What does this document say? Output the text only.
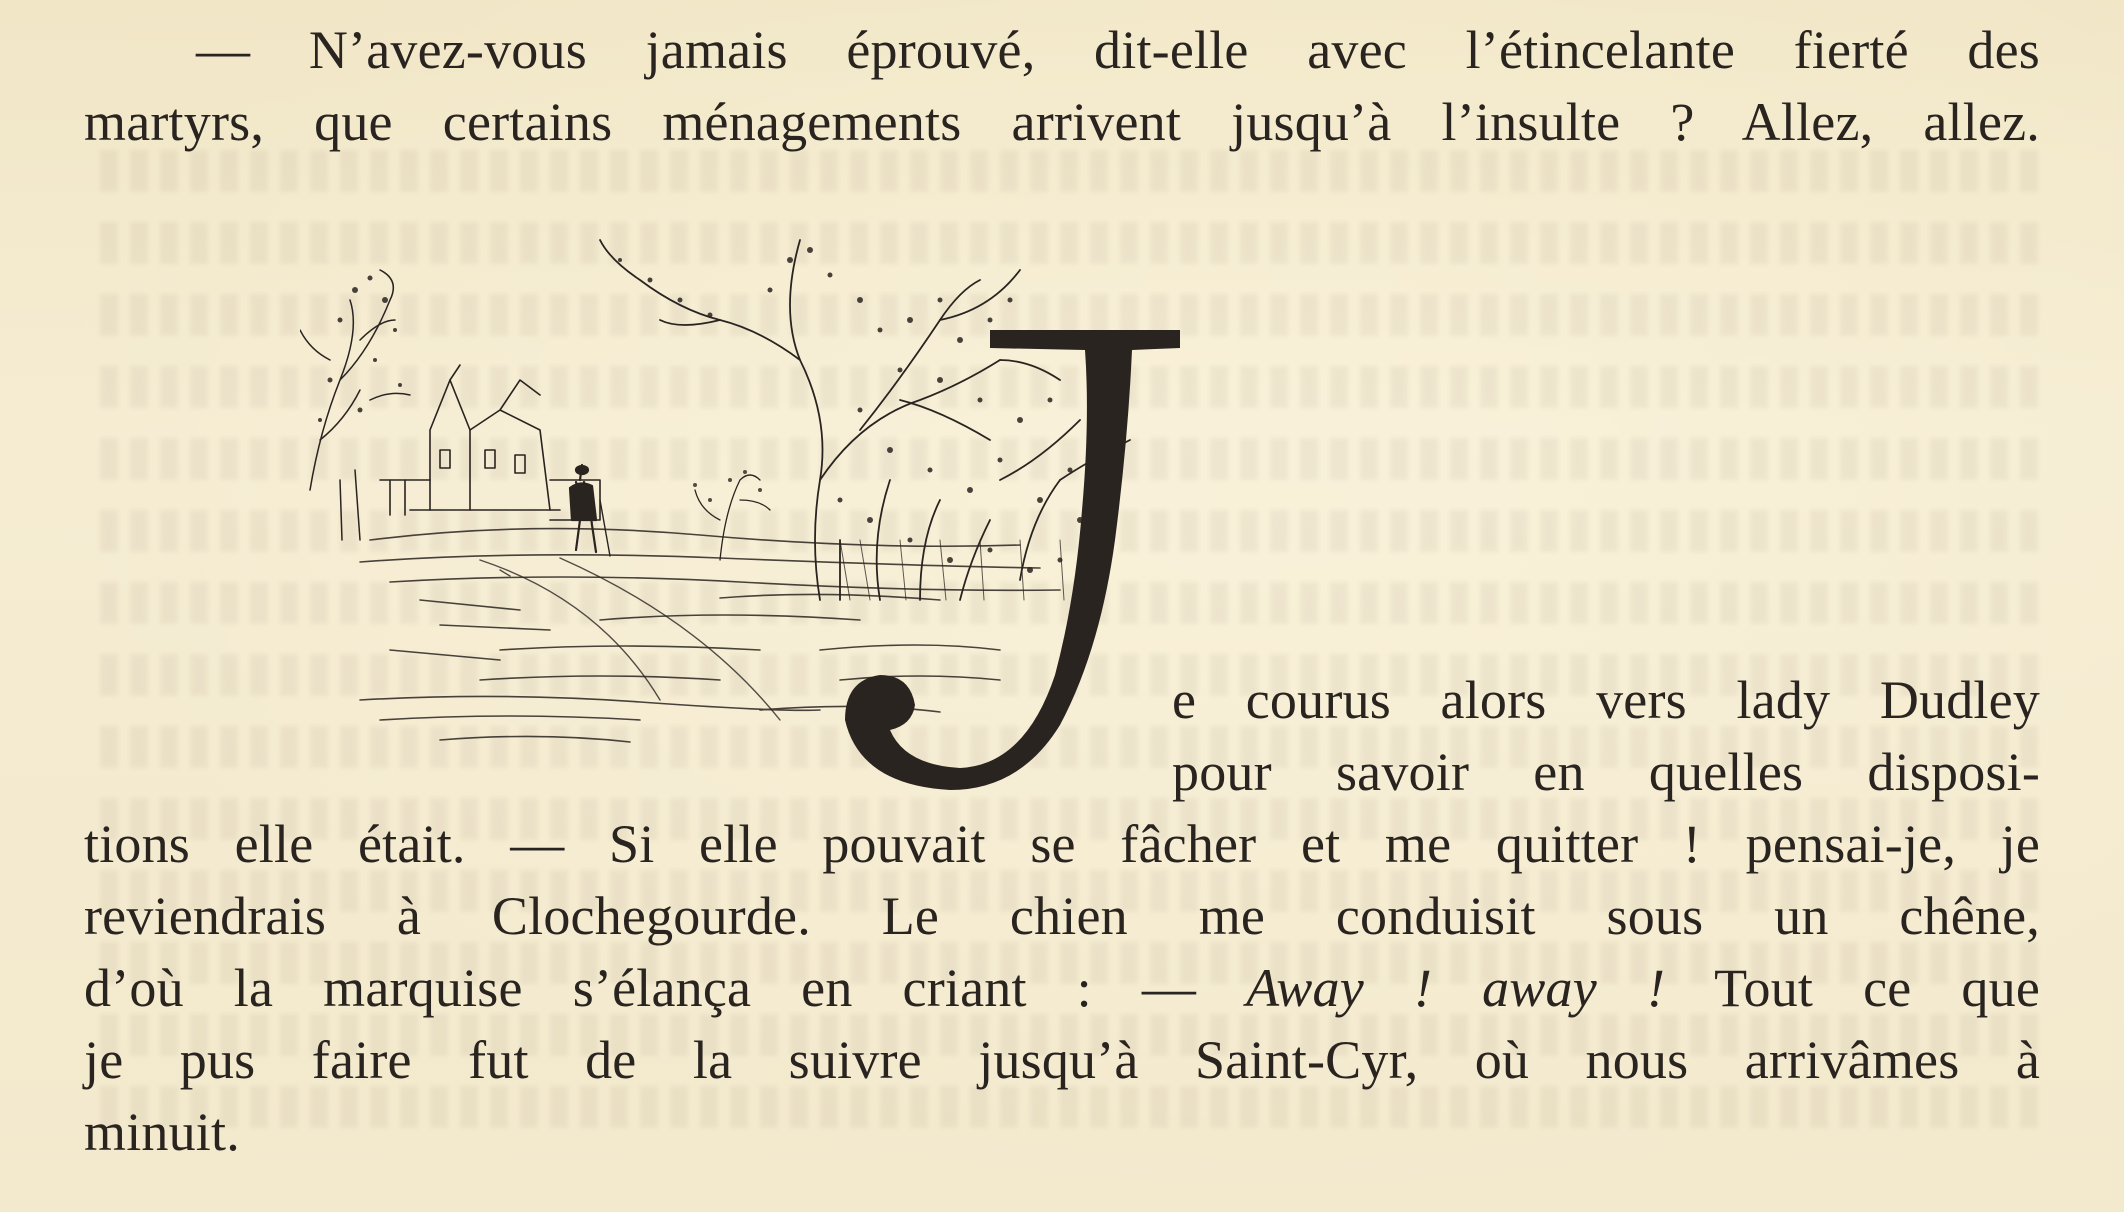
— N’avez-vous jamais éprouvé, dit-elle avec l’étincelante fierté des
martyrs, que certains ménagements arrivent jusqu’à l’insulte ? Allez, allez.
e courus alors vers lady Dudley
pour savoir en quelles disposi-
tions elle était. — Si elle pouvait se fâcher et me quitter ! pensai-je, je
reviendrais à Clochegourde. Le chien me conduisit sous un chêne,
d’où la marquise s’élança en criant : — Away ! away ! Tout ce que
je pus faire fut de la suivre jusqu’à Saint-Cyr, où nous arrivâmes à
minuit.
